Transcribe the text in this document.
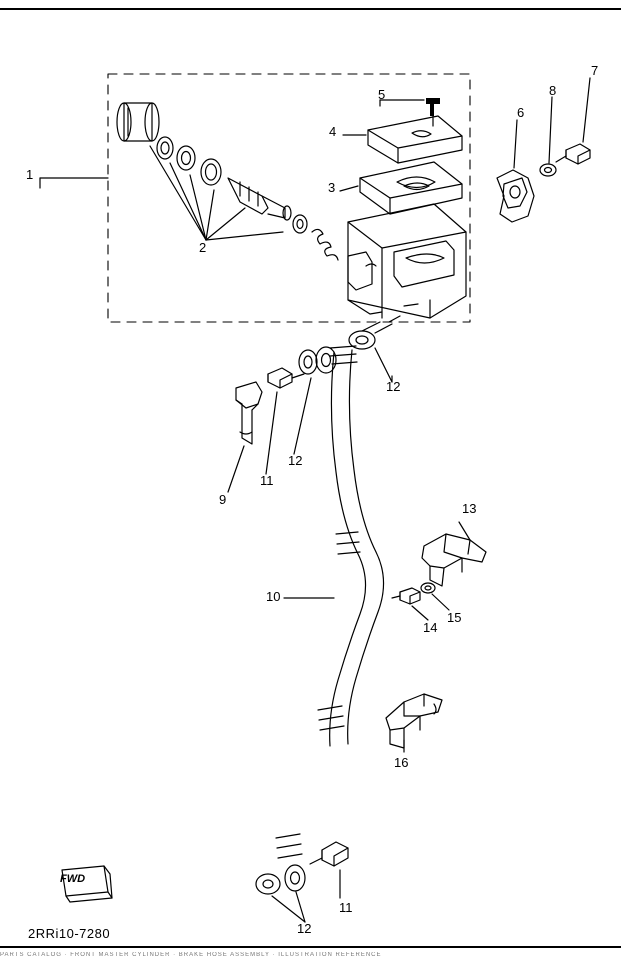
1
2
3
4
5
6
7
8
9
10
11
12
12
13
14
15
16
11
12
FWD
2RRi10-7280
PARTS CATALOG · FRONT MASTER CYLINDER · BRAKE HOSE ASSEMBLY · ILLUSTRATION REFERENCE
